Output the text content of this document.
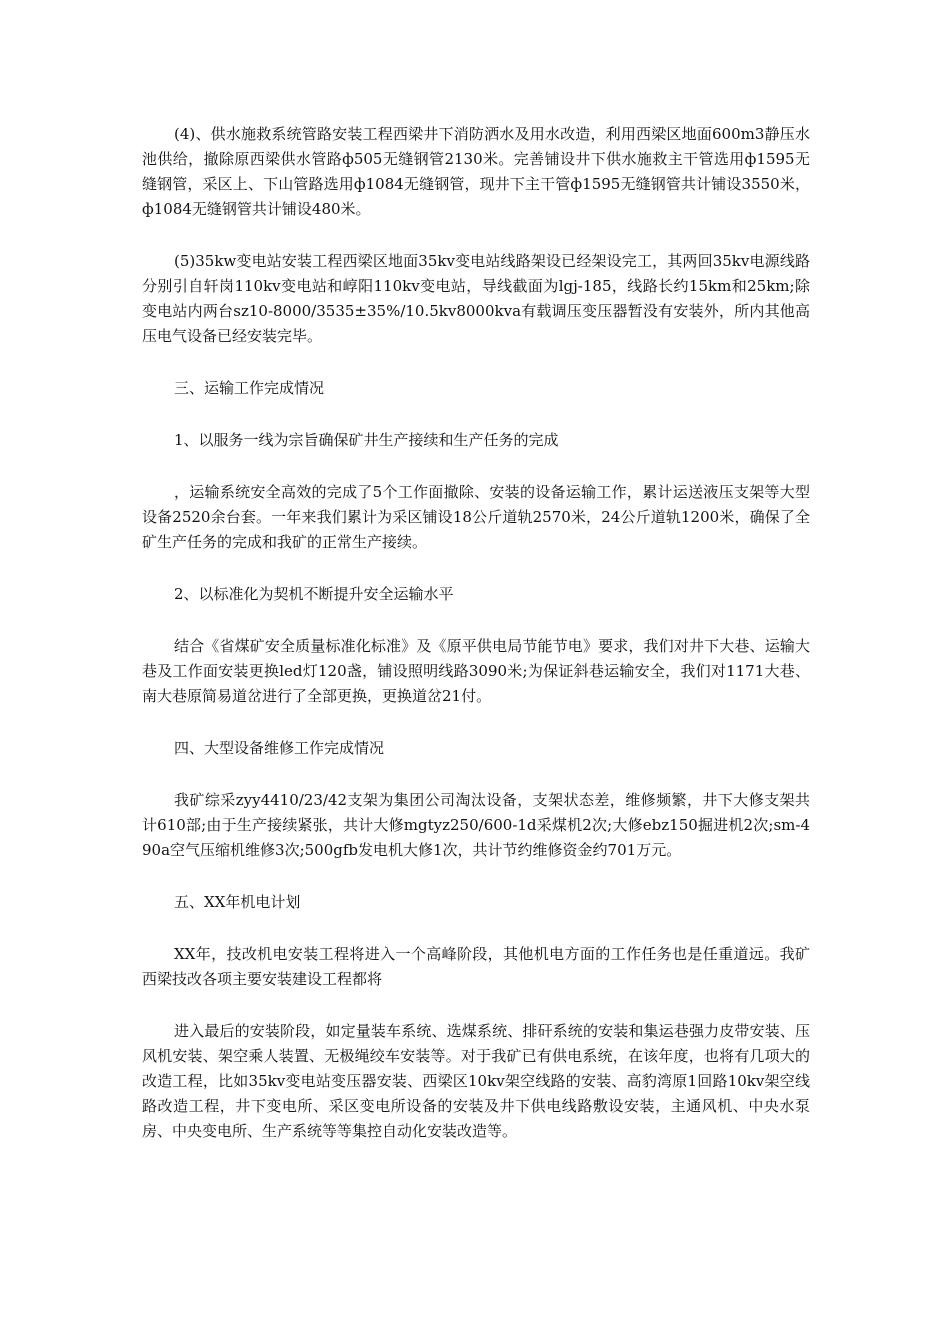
(4)、供水施救系统管路安装工程西梁井下消防洒水及用水改造，利用西梁区地面600m3静压水池供给，撤除原西梁供水管路ф505无缝钢管2130米。完善铺设井下供水施救主干管选用ф1595无缝钢管，采区上、下山管路选用ф1084无缝钢管，现井下主干管ф1595无缝钢管共计铺设3550米，ф1084无缝钢管共计铺设480米。

(5)35kw变电站安装工程西梁区地面35kv变电站线路架设已经架设完工，其两回35kv电源线路分别引自轩岗110kv变电站和崞阳110kv变电站，导线截面为lgj-185，线路长约15km和25km;除变电站内两台sz10-8000/3535±35%/10.5kv8000kva有载调压变压器暂没有安装外，所内其他高压电气设备已经安装完毕。

三、运输工作完成情况

1、以服务一线为宗旨确保矿井生产接续和生产任务的完成

，运输系统安全高效的完成了5个工作面撤除、安装的设备运输工作，累计运送液压支架等大型设备2520余台套。一年来我们累计为采区铺设18公斤道轨2570米，24公斤道轨1200米，确保了全矿生产任务的完成和我矿的正常生产接续。

2、以标准化为契机不断提升安全运输水平

结合《省煤矿安全质量标准化标准》及《原平供电局节能节电》要求，我们对井下大巷、运输大巷及工作面安装更换led灯120盏，铺设照明线路3090米;为保证斜巷运输安全，我们对1171大巷、南大巷原简易道岔进行了全部更换，更换道岔21付。

四、大型设备维修工作完成情况

我矿综采zyy4410/23/42支架为集团公司淘汰设备，支架状态差，维修频繁，井下大修支架共计610部;由于生产接续紧张，共计大修mgtyz250/600-1d采煤机2次;大修ebz150掘进机2次;sm-490a空气压缩机维修3次;500gfb发电机大修1次，共计节约维修资金约701万元。

五、XX年机电计划

XX年，技改机电安装工程将进入一个高峰阶段，其他机电方面的工作任务也是任重道远。我矿西梁技改各项主要安装建设工程都将

进入最后的安装阶段，如定量装车系统、选煤系统、排矸系统的安装和集运巷强力皮带安装、压风机安装、架空乘人装置、无极绳绞车安装等。对于我矿已有供电系统，在该年度，也将有几项大的改造工程，比如35kv变电站变压器安装、西梁区10kv架空线路的安装、高豹湾原1回路10kv架空线路改造工程，井下变电所、采区变电所设备的安装及井下供电线路敷设安装，主通风机、中央水泵房、中央变电所、生产系统等等集控自动化安装改造等。
